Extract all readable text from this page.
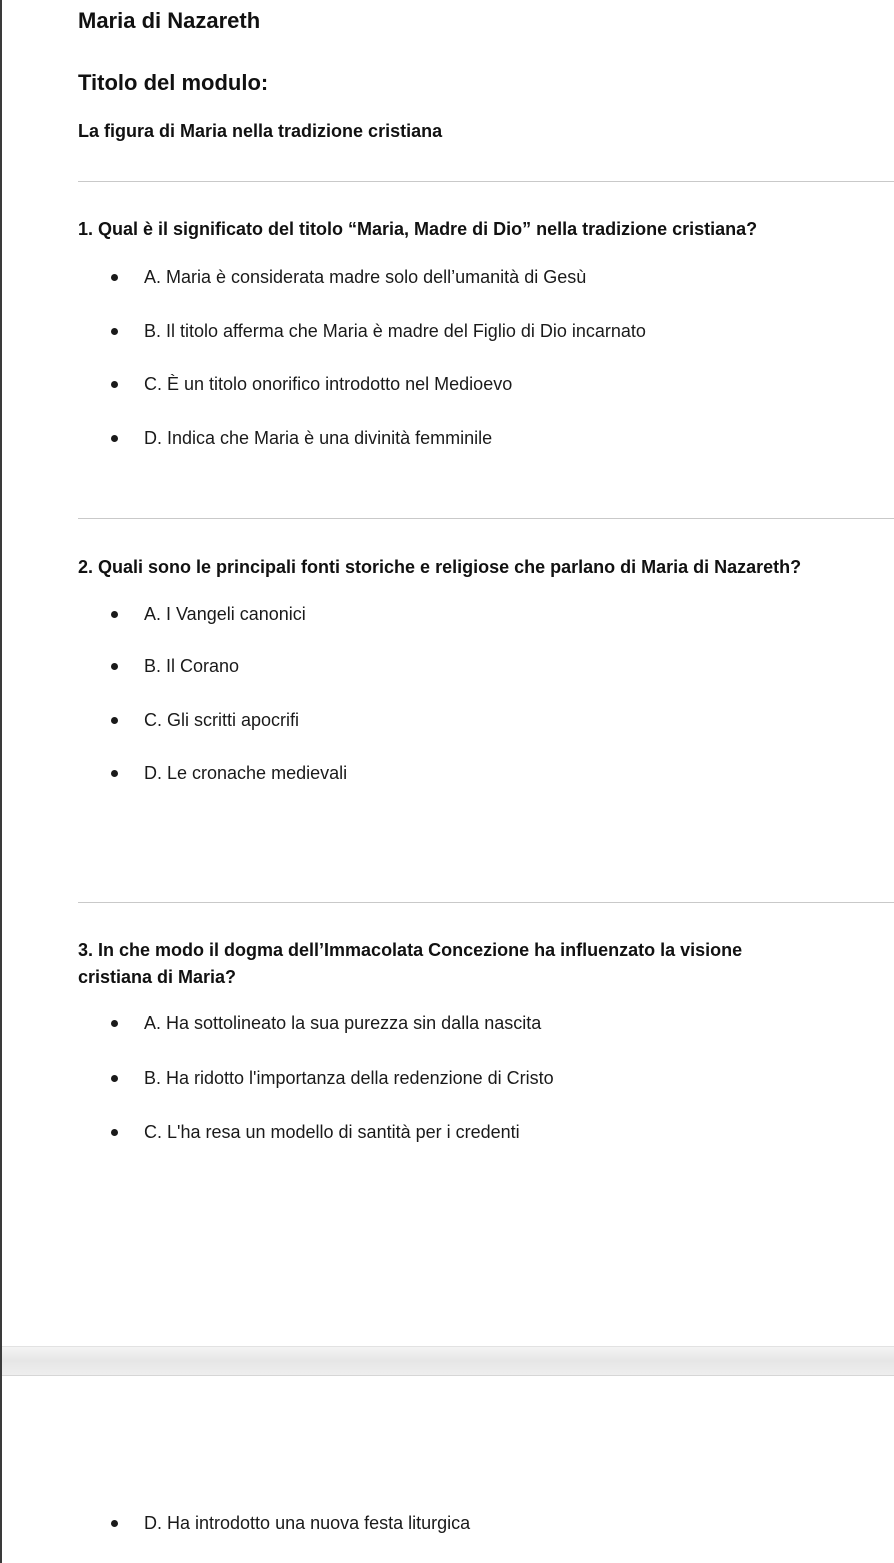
Maria di Nazareth
Titolo del modulo:
La figura di Maria nella tradizione cristiana
1. Qual è il significato del titolo “Maria, Madre di Dio” nella tradizione cristiana?
A. Maria è considerata madre solo dell’umanità di Gesù
B. Il titolo afferma che Maria è madre del Figlio di Dio incarnato
C. È un titolo onorifico introdotto nel Medioevo
D. Indica che Maria è una divinità femminile
2. Quali sono le principali fonti storiche e religiose che parlano di Maria di Nazareth?
A. I Vangeli canonici
B. Il Corano
C. Gli scritti apocrifi
D. Le cronache medievali
3. In che modo il dogma dell’Immacolata Concezione ha influenzato la visione
cristiana di Maria?
A. Ha sottolineato la sua purezza sin dalla nascita
B. Ha ridotto l'importanza della redenzione di Cristo
C. L'ha resa un modello di santità per i credenti
D. Ha introdotto una nuova festa liturgica
